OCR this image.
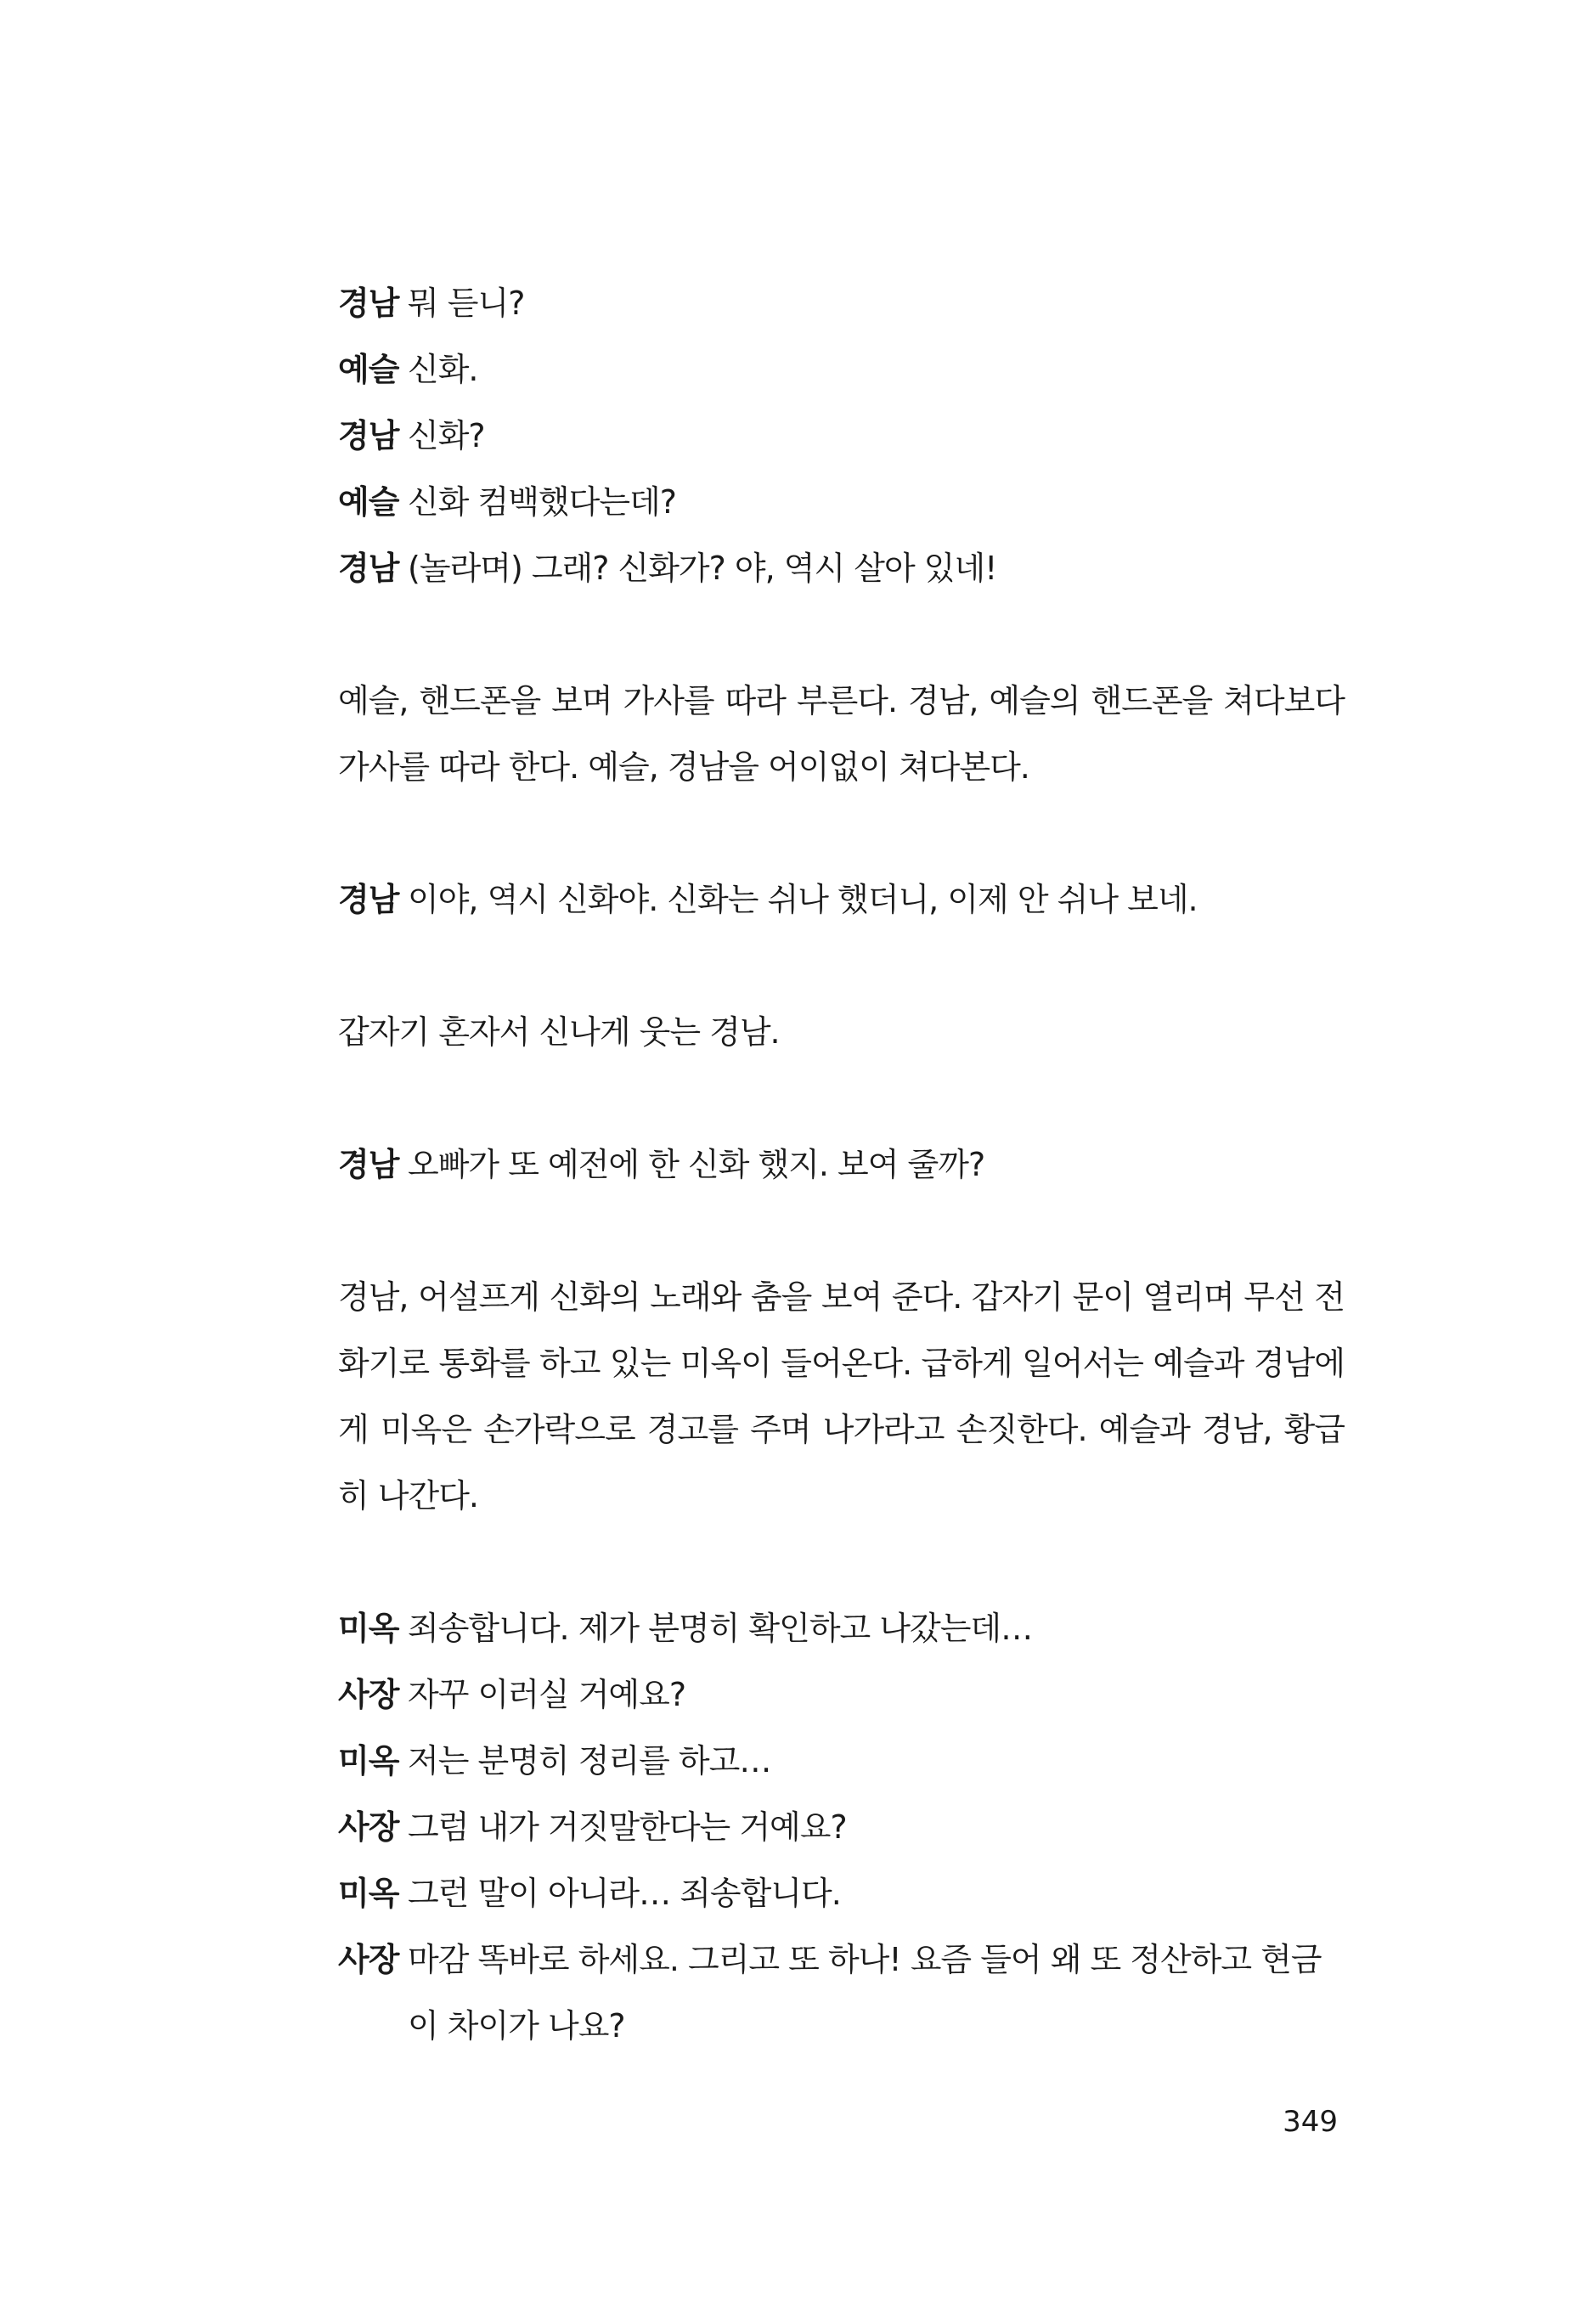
경남 뭐 듣니?
예슬 신화.
경남 신화?
예슬 신화 컴백했다는데?
경남 (놀라며) 그래? 신화가? 야, 역시 살아 있네!
예슬, 핸드폰을 보며 가사를 따라 부른다. 경남, 예슬의 핸드폰을 쳐다보다 가사를 따라 한다. 예슬, 경남을 어이없이 쳐다본다.
경남 이야, 역시 신화야. 신화는 쉬나 했더니, 이제 안 쉬나 보네.
갑자기 혼자서 신나게 웃는 경남.
경남 오빠가 또 예전에 한 신화 했지. 보여 줄까?
경남, 어설프게 신화의 노래와 춤을 보여 준다. 갑자기 문이 열리며 무선 전화기로 통화를 하고 있는 미옥이 들어온다. 급하게 일어서는 예슬과 경남에게 미옥은 손가락으로 경고를 주며 나가라고 손짓한다. 예슬과 경남, 황급히 나간다.
미옥 죄송합니다. 제가 분명히 확인하고 나갔는데…
사장 자꾸 이러실 거예요?
미옥 저는 분명히 정리를 하고…
사장 그럼 내가 거짓말한다는 거예요?
미옥 그런 말이 아니라… 죄송합니다.
사장 마감 똑바로 하세요. 그리고 또 하나! 요즘 들어 왜 또 정산하고 현금이 차이가 나요?
349
